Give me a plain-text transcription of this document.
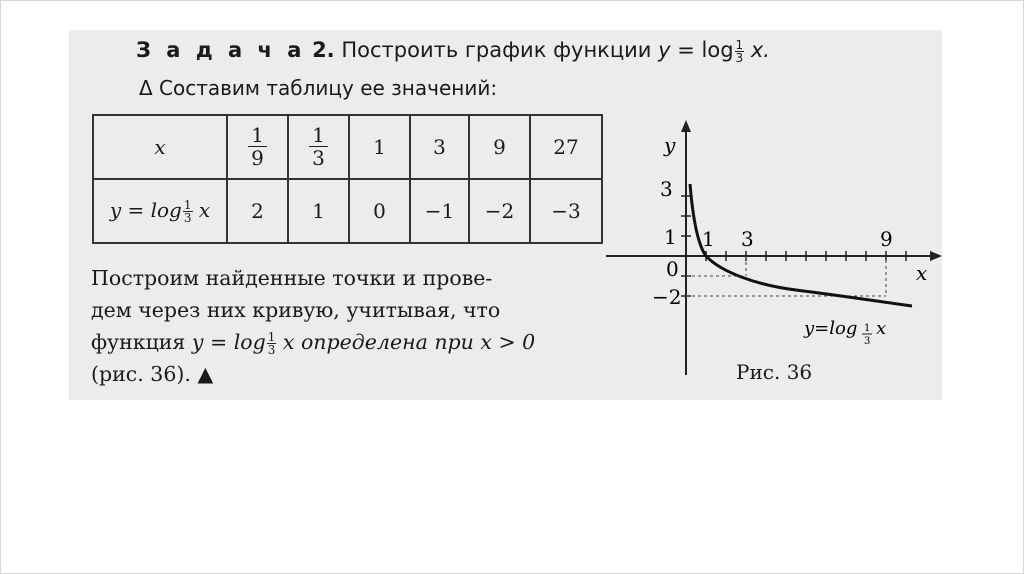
З а д а ч а 2. Построить график функции $y = \log \frac{1}{3} x$.
Δ Составим таблицу ее значений:
x	$\frac{1}{9}$	$\frac{1}{3}$	1	3	9	27
$y = \log \frac{1}{3}$ x	2	1	0	−1	−2	−3
Построим найденные точки и прове-
дем через них кривую, учитывая, что
функция $y = \log \frac{1}{3}$ x определена при x > 0
(рис. 36). ▲
y
x
0
3
1
−2
1 3	9
y=log 1
3
x
Рис. 36
